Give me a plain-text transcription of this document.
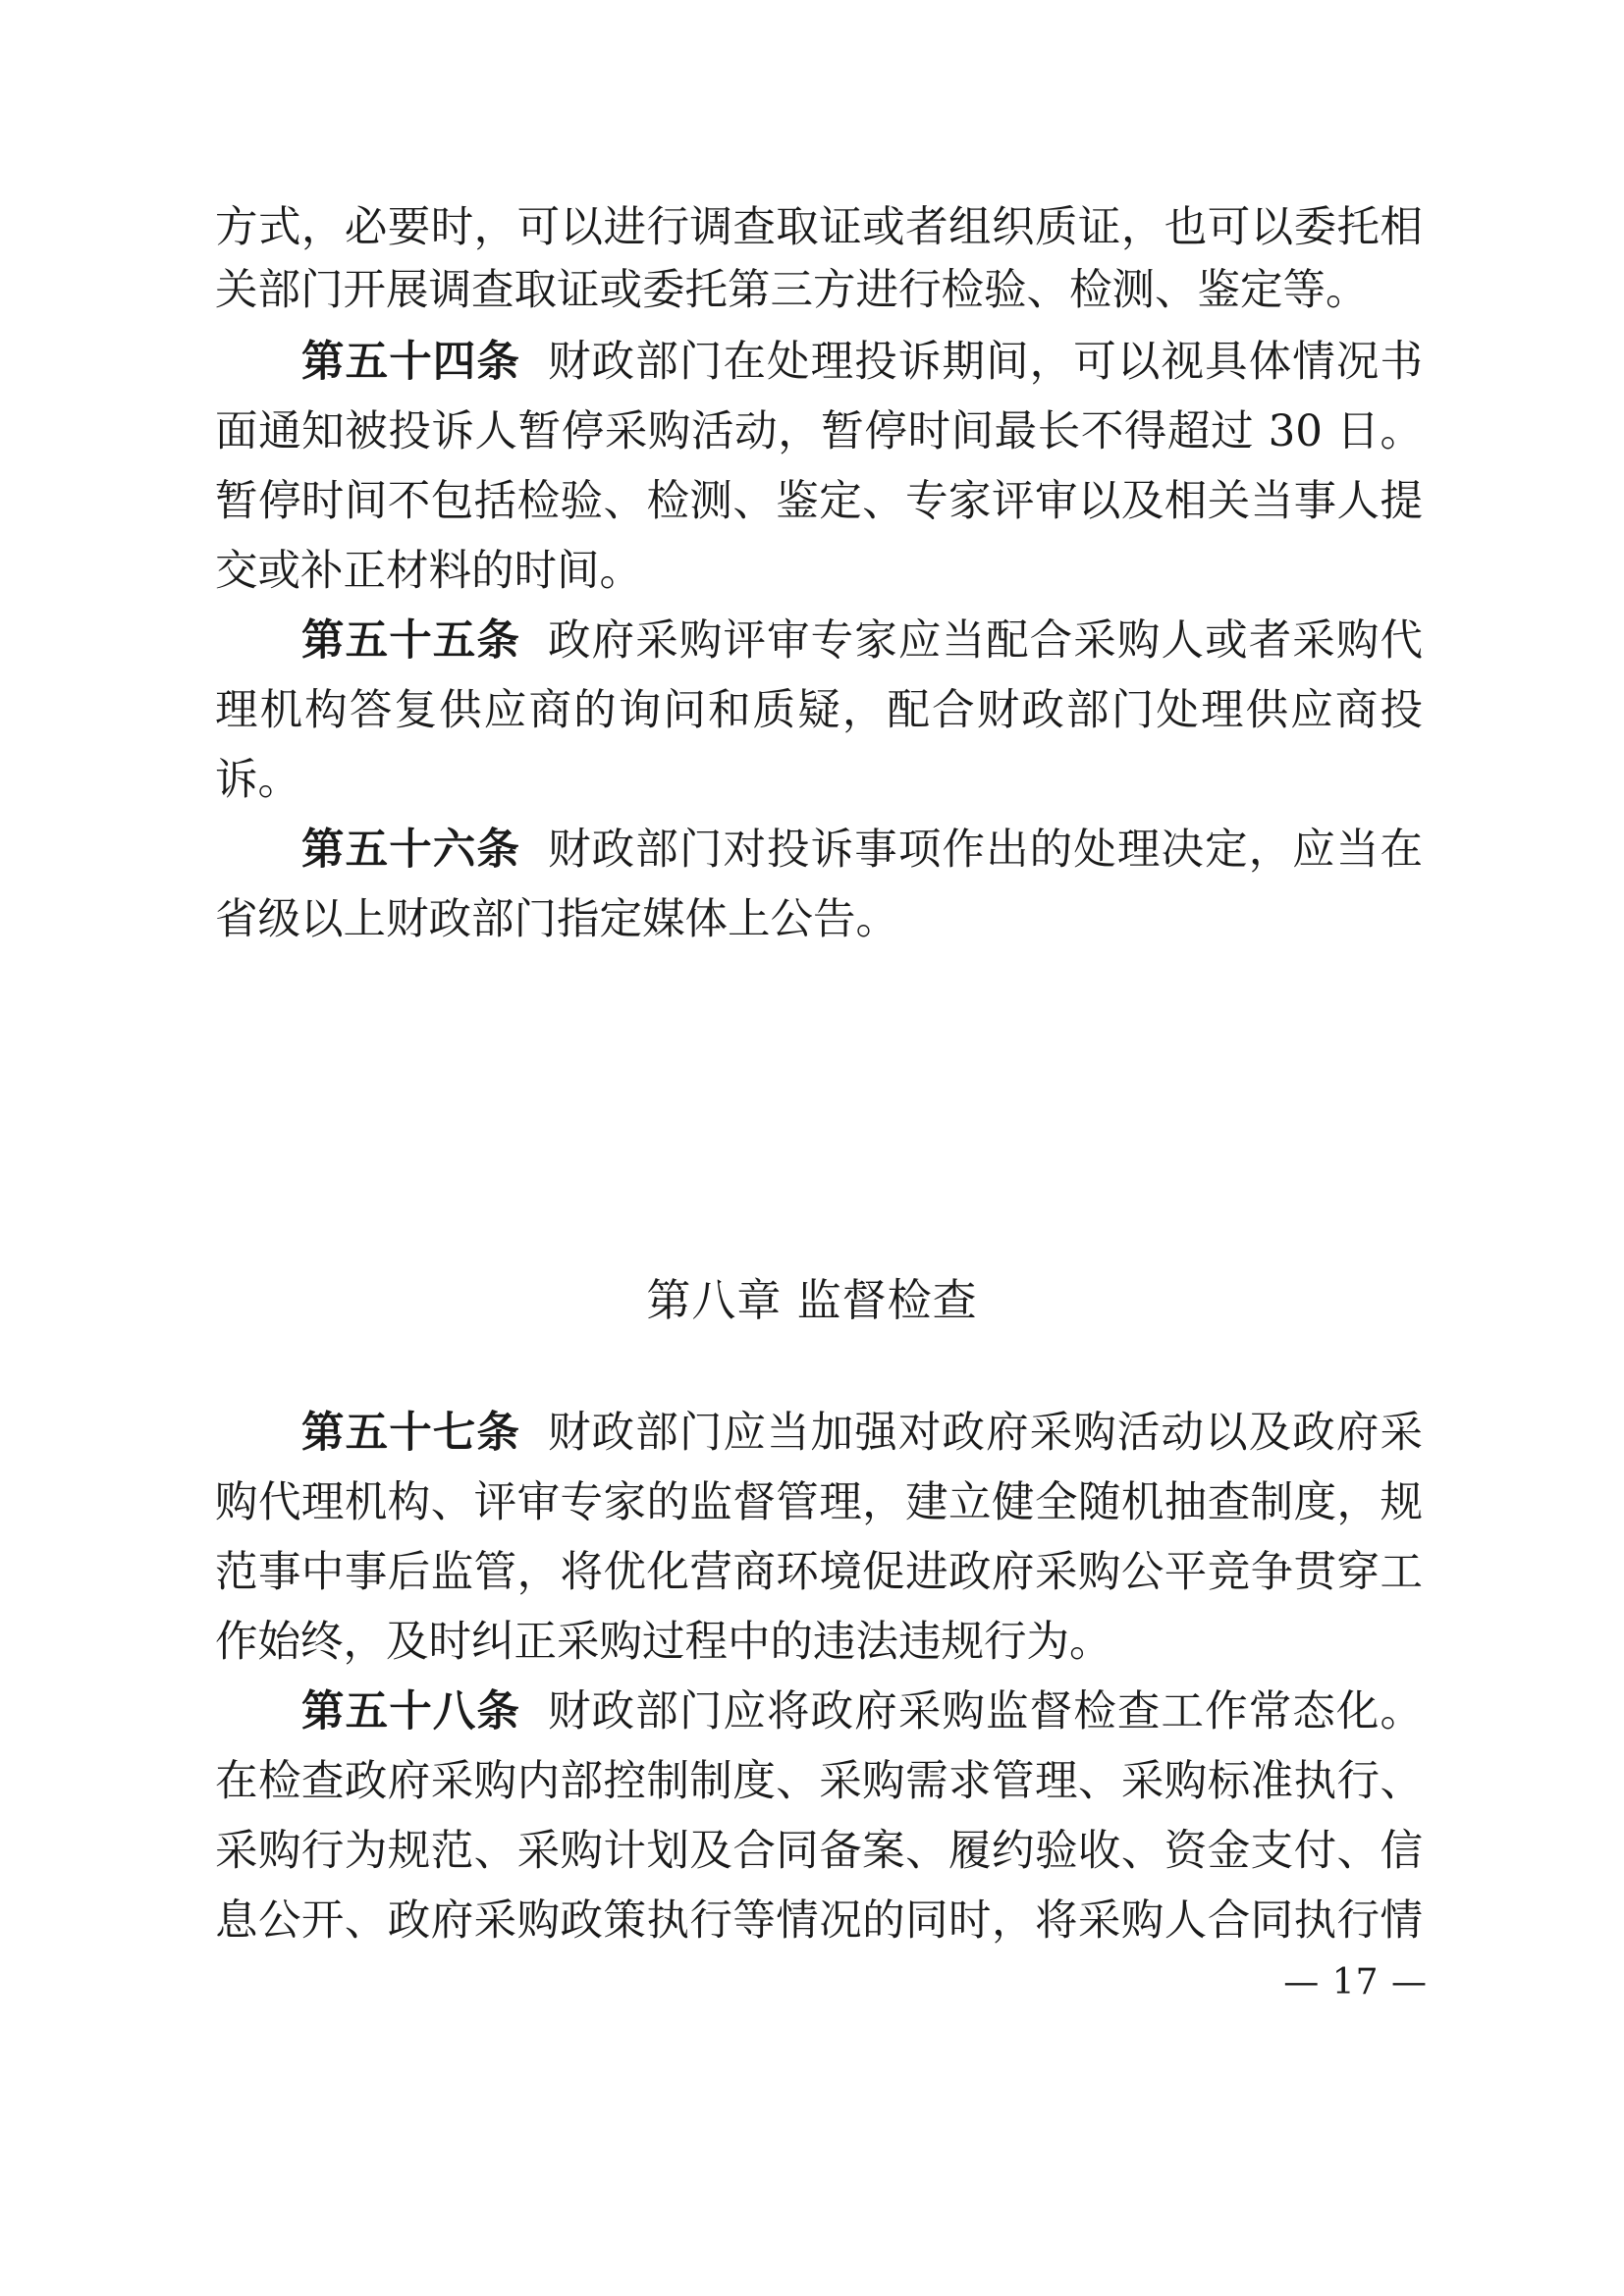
方式，必要时，可以进行调查取证或者组织质证，也可以委托相
关部门开展调查取证或委托第三方进行检验、检测、鉴定等。
第五十四条 财政部门在处理投诉期间，可以视具体情况书
面通知被投诉人暂停采购活动，暂停时间最长不得超过 30 日。
暂停时间不包括检验、检测、鉴定、专家评审以及相关当事人提
交或补正材料的时间。
第五十五条 政府采购评审专家应当配合采购人或者采购代
理机构答复供应商的询问和质疑，配合财政部门处理供应商投
诉。
第五十六条 财政部门对投诉事项作出的处理决定，应当在
省级以上财政部门指定媒体上公告。
第八章 监督检查
第五十七条 财政部门应当加强对政府采购活动以及政府采
购代理机构、评审专家的监督管理，建立健全随机抽查制度，规
范事中事后监管，将优化营商环境促进政府采购公平竞争贯穿工
作始终，及时纠正采购过程中的违法违规行为。
第五十八条 财政部门应将政府采购监督检查工作常态化。
在检查政府采购内部控制制度、采购需求管理、采购标准执行、
采购行为规范、采购计划及合同备案、履约验收、资金支付、信
息公开、政府采购政策执行等情况的同时，将采购人合同执行情
— 17 —
